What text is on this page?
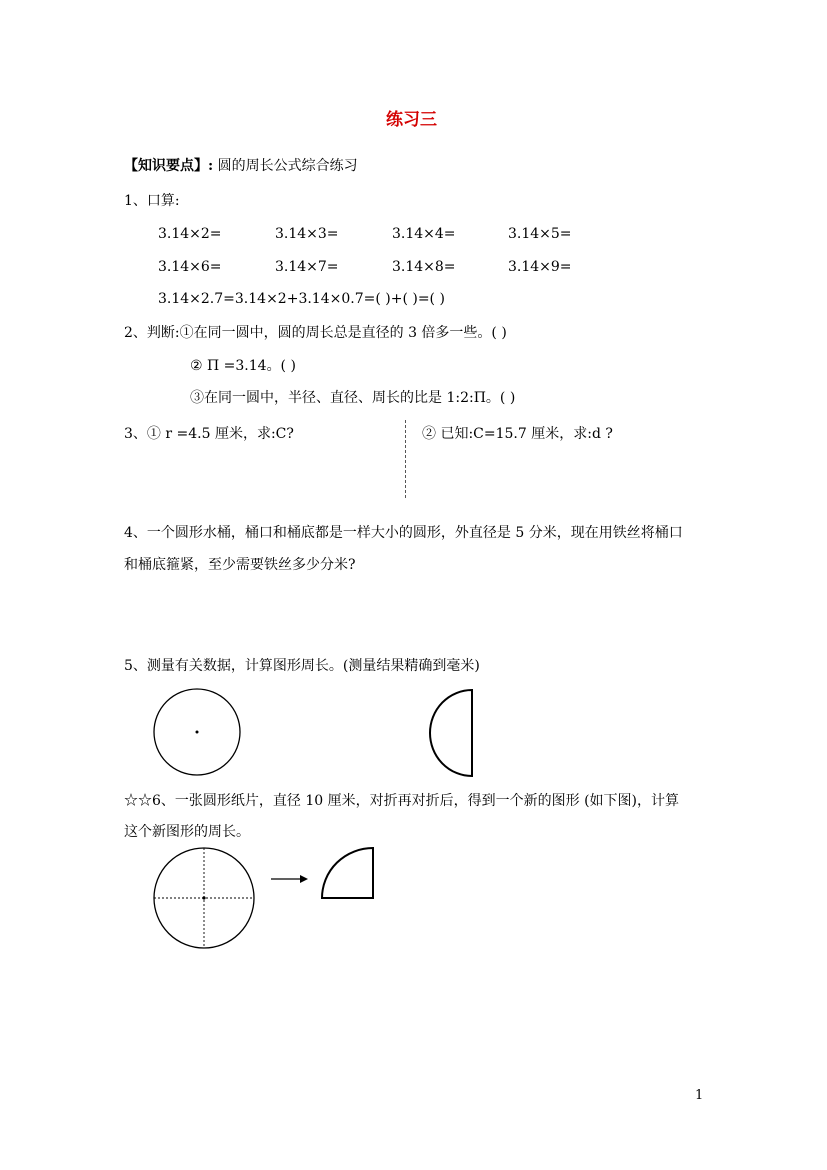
练习三
【知识要点】: 圆的周长公式综合练习
1、口算:
3.14×2=	3.14×3=	3.14×4=	3.14×5=
3.14×6=	3.14×7=	3.14×8=	3.14×9=
3.14×2.7=3.14×2+3.14×0.7=( )+( )=( )
2、判断:①在同一圆中，圆的周长总是直径的 3 倍多一些。( )
② Π =3.14。( )
③在同一圆中，半径、直径、周长的比是 1:2:Π。( )
3、① r =4.5 厘米，求:C?	② 已知:C=15.7 厘米，求:d ?
4、一个圆形水桶，桶口和桶底都是一样大小的圆形，外直径是 5 分米，现在用铁丝将桶口
和桶底箍紧，至少需要铁丝多少分米?
5、测量有关数据，计算图形周长。(测量结果精确到毫米)
☆☆6、一张圆形纸片，直径 10 厘米，对折再对折后，得到一个新的图形 (如下图)，计算
这个新图形的周长。
1
